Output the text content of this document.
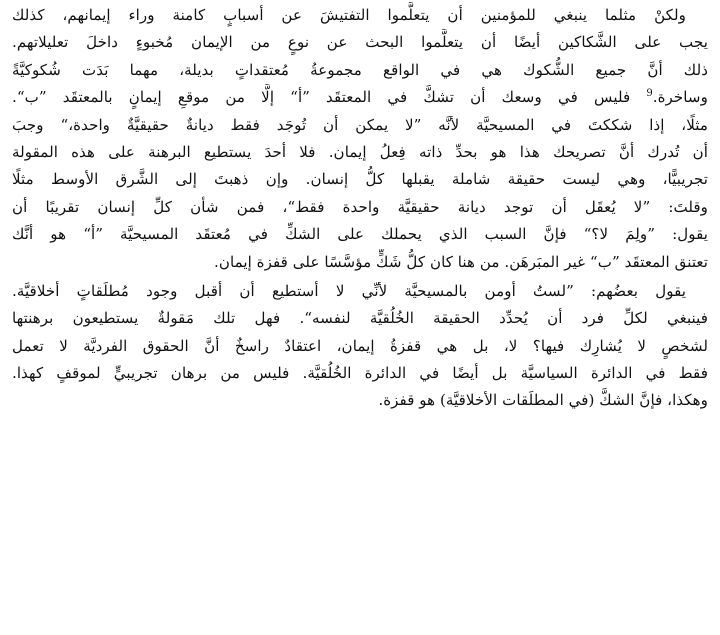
ولكنْ مثلما ينبغي للمؤمنين أن يتعلَّموا التفتيشَ عن أسبابٍ كامنة وراء إيمانهم، كذلك
يجب على الشَّكاكين أيضًا أن يتعلَّموا البحث عن نوعٍ من الإيمان مُخبوءٍ داخلَ تعليلاتهم.
ذلك أنَّ جميع الشُّكوك هي في الواقع مجموعةُ مُعتقداتٍ بديلة، مهما بَدَت شُكوكيَّةً
وساخرة.$^9$ فليس في وسعك أن تشكَّ في المعتقَد ”أ“ إلَّا من موقعِ إيمانٍ بالمعتقَد ”ب“.
مثلًا، إذا شككتَ في المسيحيَّة لأنَّه ”لا يمكن أن تُوجَد فقط ديانةٌ حقيقيَّةٌ واحدة،“ وجبَ
أن تُدرك أنَّ تصريحك هذا هو بحدِّ ذاته فِعلُ إيمان. فلا أحدَ يستطيع البرهنة على هذه المقولة
تجريبيًّا، وهي ليست حقيقة شاملة يقبلها كلُّ إنسان. وإن ذهبتَ إلى الشَّرق الأوسط مثلًا
وقلتَ: ”لا يُعقَل أن توجد ديانة حقيقيَّة واحدة فقط“، فمن شأن كلِّ إنسان تقريبًا أن
يقول: ”ولِمَ لا؟“ فإنَّ السبب الذي يحملك على الشكِّ في مُعتقَد المسيحيَّة ”أ“ هو أنَّك
تعتنق المعتقَد ”ب“ غير المبَرهَن. من هنا كان كلُّ شَكٍّ مؤسَّسًا على قفزة إيمان.
يقول بعضُهم: ”لستُ أومن بالمسيحيَّة لأنِّي لا أستطيع أن أقبل وجود مُطلَقاتٍ أخلاقيَّة.
فينبغي لكلِّ فرد أن يُحدِّد الحقيقة الخُلُقيَّة لنفسه“. فهل تلك مَقولةٌ يستطيعون برهنتها
لشخصٍ لا يُشارِك فيها؟ لا، بل هي قفزةُ إيمان، اعتقادٌ راسخٌ أنَّ الحقوق الفرديَّة لا تعمل
فقط في الدائرة السياسيَّة بل أيضًا في الدائرة الخُلُقيَّة. فليس من برهان تجريبيٍّ لموقفٍ كهذا.
وهكذا، فإنَّ الشكَّ (في المطلَقات الأخلاقيَّة) هو قفزة.
